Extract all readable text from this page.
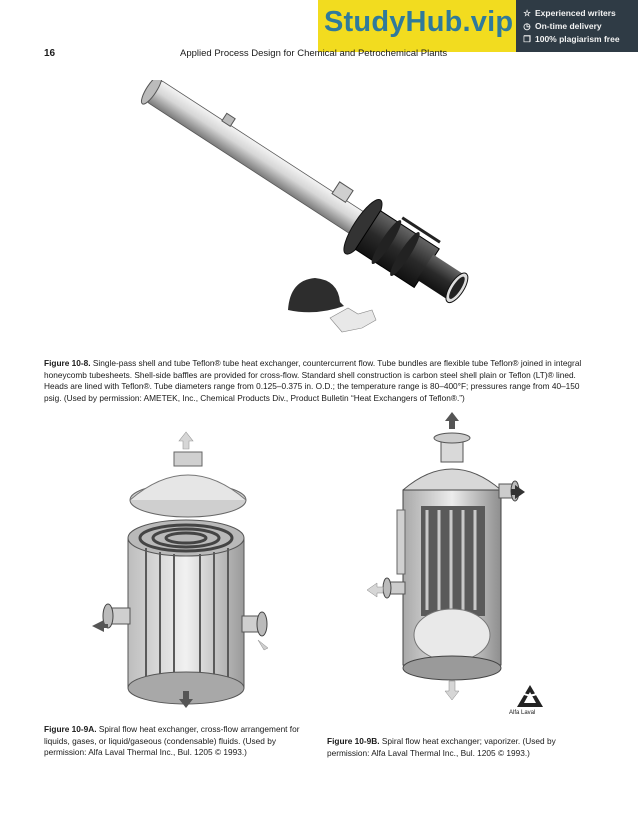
StudyHub.vip ☆ Experienced writers
◷ On-time delivery
❐ 100% plagiarism free
16	Applied Process Design for Chemical and Petrochemical Plants
Figure 10-8. Single-pass shell and tube Teflon® tube heat exchanger, countercurrent flow. Tube bundles are flexible tube Teflon® joined in integral honeycomb tubesheets. Shell-side baffles are provided for cross-flow. Standard shell construction is carbon steel shell plain or Teflon (LT)® lined. Heads are lined with Teflon®. Tube diameters range from 0.125–0.375 in. O.D.; the temperature range is 80–400°F; pressures range from 40–150 psig. (Used by permission: AMETEK, Inc., Chemical Products Div., Product Bulletin “Heat Exchangers of Teflon®.”)
Alfa Laval
Figure 10-9A. Spiral flow heat exchanger, cross-flow arrangement for liquids, gases, or liquid/gaseous (condensable) fluids. (Used by permission: Alfa Laval Thermal Inc., Bul. 1205 © 1993.)
Figure 10-9B. Spiral flow heat exchanger; vaporizer. (Used by permission: Alfa Laval Thermal Inc., Bul. 1205 © 1993.)
